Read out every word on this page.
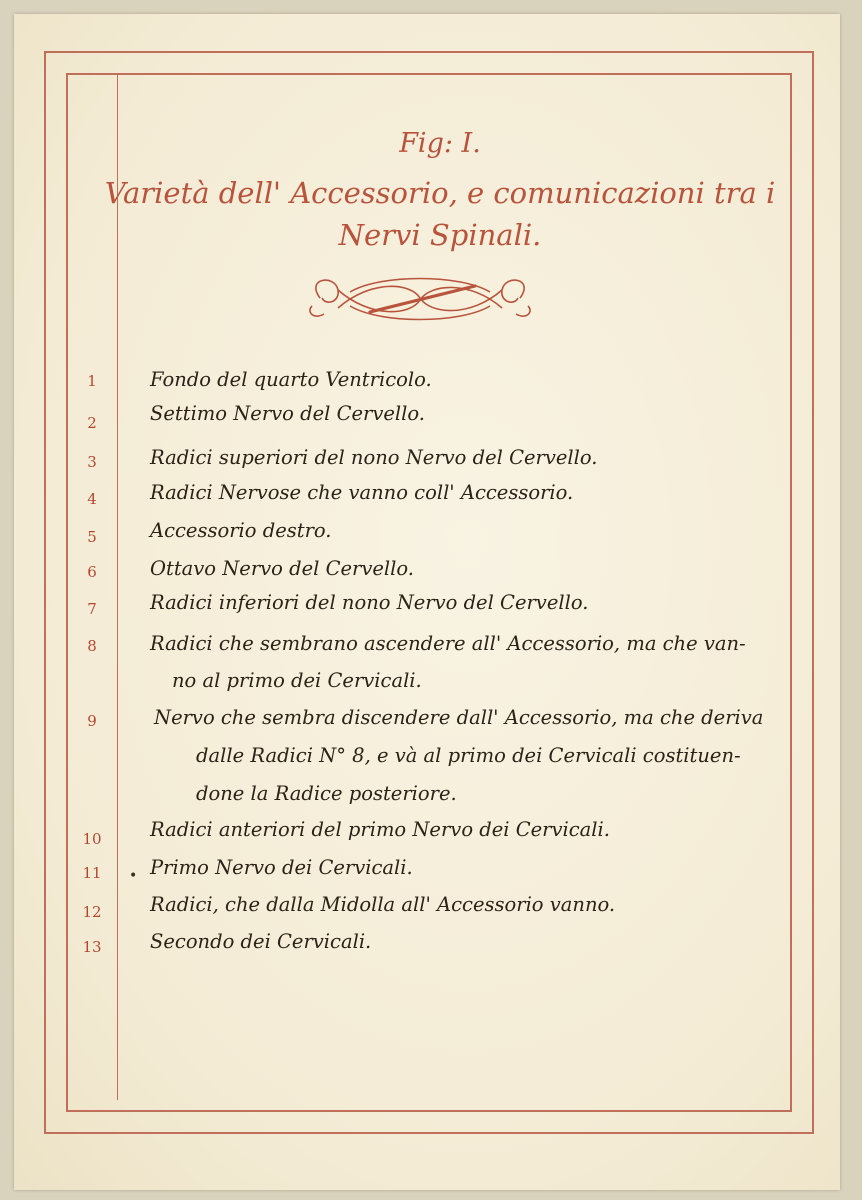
Fig: I.
Varietà dell' Accessorio, e comunicazioni tra i
Nervi Spinali.
1	Fondo del quarto Ventricolo.
2	Settimo Nervo del Cervello.
3	Radici superiori del nono Nervo del Cervello.
4	Radici Nervose che vanno coll' Accessorio.
5	Accessorio destro.
6	Ottavo Nervo del Cervello.
7	Radici inferiori del nono Nervo del Cervello.
8	Radici che sembrano ascendere all' Accessorio, ma che van-
no al primo dei Cervicali.
9	Nervo che sembra discendere dall' Accessorio, ma che deriva
dalle Radici N° 8, e và al primo dei Cervicali costituen-
done la Radice posteriore.
10	Radici anteriori del primo Nervo dei Cervicali.
11	• Primo Nervo dei Cervicali.
12	Radici, che dalla Midolla all' Accessorio vanno.
13	Secondo dei Cervicali.
